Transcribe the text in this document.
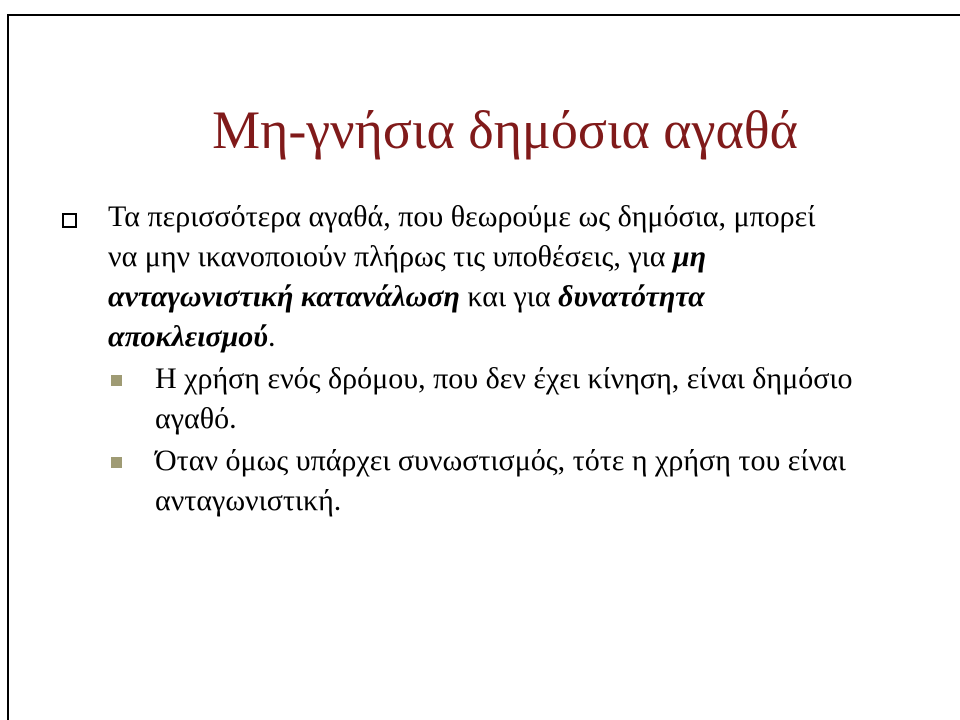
Μη-γνήσια δημόσια αγαθά
Τα περισσότερα αγαθά, που θεωρούμε ως δημόσια, μπορεί
να μην ικανοποιούν πλήρως τις υποθέσεις, για μη
ανταγωνιστική κατανάλωση και για δυνατότητα
αποκλεισμού.
Η χρήση ενός δρόμου, που δεν έχει κίνηση, είναι δημόσιο
αγαθό.
Όταν όμως υπάρχει συνωστισμός, τότε η χρήση του είναι
ανταγωνιστική.
